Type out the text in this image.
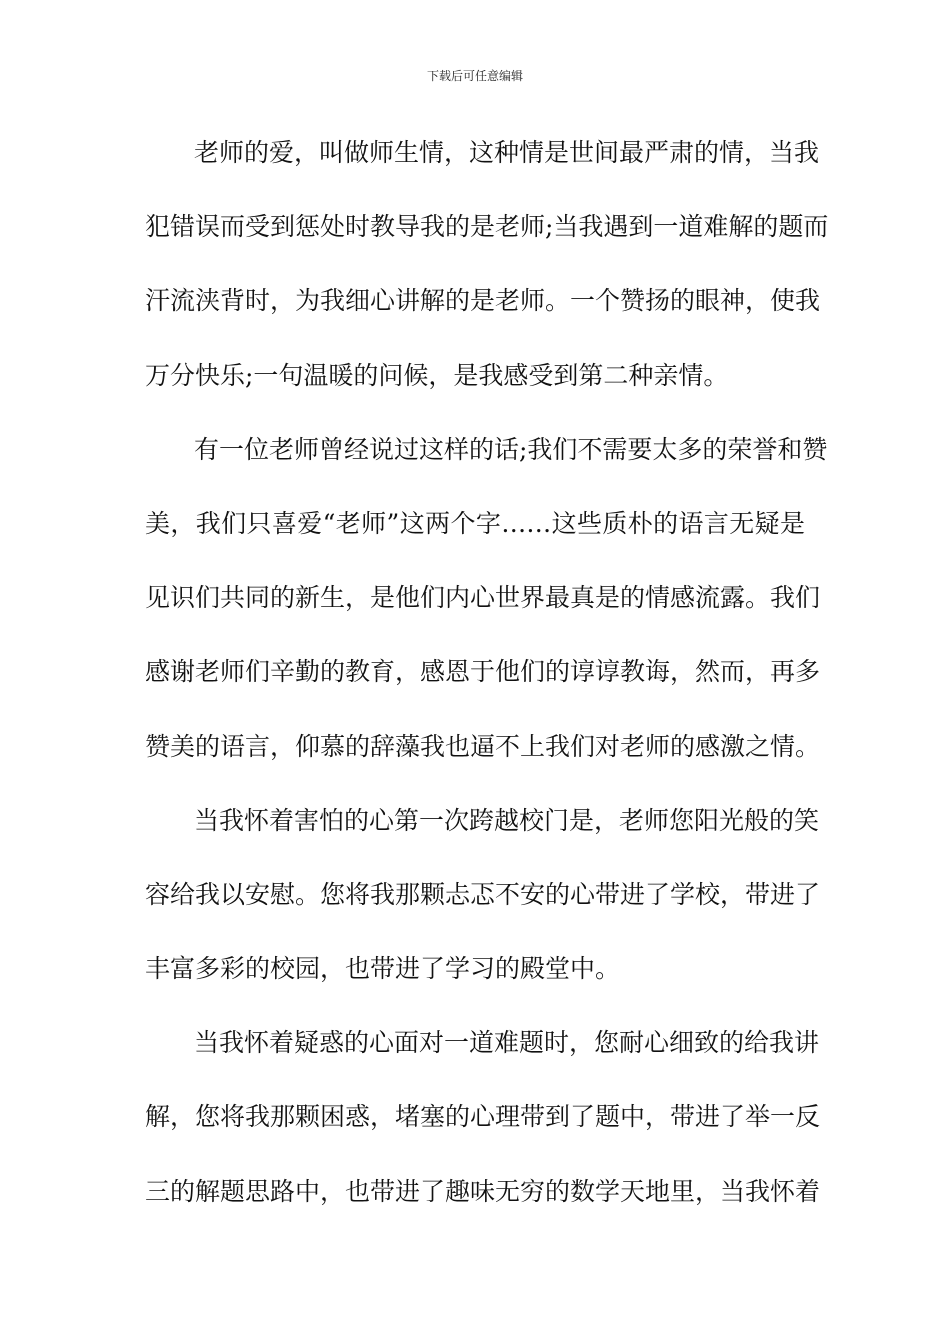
下载后可任意编辑
老师的爱，叫做师生情，这种情是世间最严肃的情，当我
犯错误而受到惩处时教导我的是老师;当我遇到一道难解的题而
汗流浃背时，为我细心讲解的是老师。一个赞扬的眼神，使我
万分快乐;一句温暖的问候，是我感受到第二种亲情。
有一位老师曾经说过这样的话;我们不需要太多的荣誉和赞
美，我们只喜爱“老师”这两个字……这些质朴的语言无疑是
见识们共同的新生，是他们内心世界最真是的情感流露。我们
感谢老师们辛勤的教育，感恩于他们的谆谆教诲，然而，再多
赞美的语言，仰慕的辞藻我也逼不上我们对老师的感激之情。
当我怀着害怕的心第一次跨越校门是，老师您阳光般的笑
容给我以安慰。您将我那颗忐忑不安的心带进了学校，带进了
丰富多彩的校园，也带进了学习的殿堂中。
当我怀着疑惑的心面对一道难题时，您耐心细致的给我讲
解，您将我那颗困惑，堵塞的心理带到了题中，带进了举一反
三的解题思路中，也带进了趣味无穷的数学天地里，当我怀着
